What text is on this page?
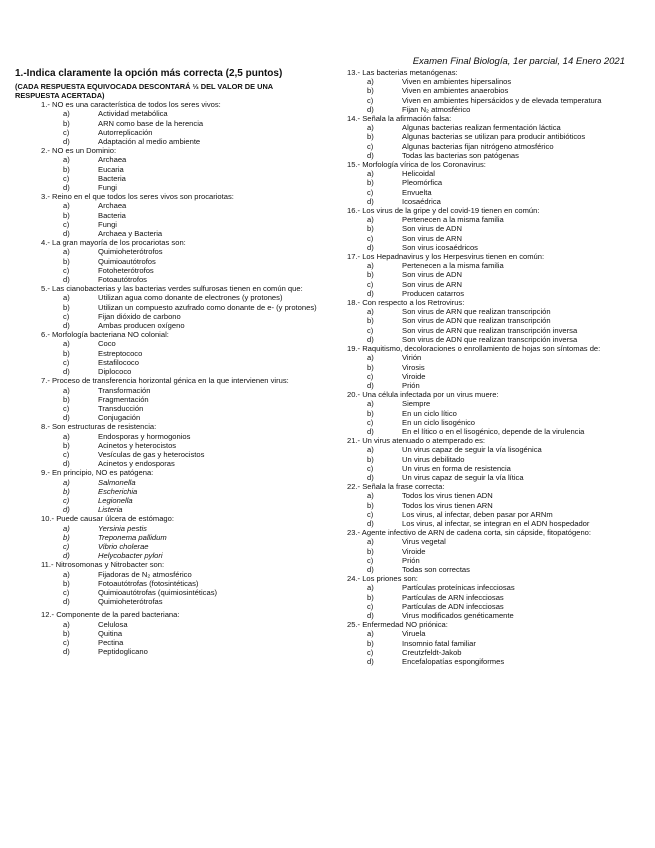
Examen Final Biología, 1er parcial, 14 Enero 2021
1.-Indica claramente la opción más correcta (2,5 puntos)
(CADA RESPUESTA EQUIVOCADA DESCONTARÁ ⅓ DEL VALOR DE UNA RESPUESTA ACERTADA)
1.- NO es una característica de todos los seres vivos:
a)	Actividad metabólica
b)	ARN como base de la herencia
c)	Autorreplicación
d)	Adaptación al medio ambiente
2.- NO es un Dominio:
a)	Archaea
b)	Eucaria
c)	Bacteria
d)	Fungi
3.- Reino en el que todos los seres vivos son procariotas:
a)	Archaea
b)	Bacteria
c)	Fungi
d)	Archaea y Bacteria
4.- La gran mayoría de los procariotas son:
a)	Quimioheterótrofos
b)	Quimioautótrofos
c)	Fotoheterótrofos
d)	Fotoautótrofos
5.- Las cianobacterias y las bacterias verdes sulfurosas tienen en común que:
a)	Utilizan agua como donante de electrones (y protones)
b)	Utilizan un compuesto azufrado como donante de e- (y protones)
c)	Fijan dióxido de carbono
d)	Ambas producen oxígeno
6.- Morfología bacteriana NO colonial:
a)	Coco
b)	Estreptococo
c)	Estafilococo
d)	Diplococo
7.- Proceso de transferencia horizontal génica en la que intervienen virus:
a)	Transformación
b)	Fragmentación
c)	Transducción
d)	Conjugación
8.- Son estructuras de resistencia:
a)	Endosporas y hormogonios
b)	Acinetos y heterocistos
c)	Vesículas de gas y heterocistos
d)	Acinetos y endosporas
9.- En principio, NO es patógena:
a)	Salmonella
b)	Escherichia
c)	Legionella
d)	Listeria
10.- Puede causar úlcera de estómago:
a)	Yersinia pestis
b)	Treponema pallidum
c)	Vibrio cholerae
d)	Helycobacter pylori
11.- Nitrosomonas y Nitrobacter son:
a)	Fijadoras de N₂ atmosférico
b)	Fotoautótrofas (fotosintéticas)
c)	Quimioautótrofas (quimiosintéticas)
d)	Quimioheterótrofas
12.- Componente de la pared bacteriana:
a)	Celulosa
b)	Quitina
c)	Pectina
d)	Peptidoglicano
13.- Las bacterias metanógenas:
a)	Viven en ambientes hipersalinos
b)	Viven en ambientes anaerobios
c)	Viven en ambientes hipersácidos y de elevada temperatura
d)	Fijan N₂ atmosférico
14.- Señala la afirmación falsa:
a)	Algunas bacterias realizan fermentación láctica
b)	Algunas bacterias se utilizan para producir antibióticos
c)	Algunas bacterias fijan nitrógeno atmosférico
d)	Todas las bacterias son patógenas
15.- Morfología vírica de los Coronavirus:
a)	Helicoidal
b)	Pleomórfica
c)	Envuelta
d)	Icosaédrica
16.- Los virus de la gripe y del covid-19 tienen en común:
a)	Pertenecen a la misma familia
b)	Son virus de ADN
c)	Son virus de ARN
d)	Son virus icosaédricos
17.- Los Hepadnavirus y los Herpesvirus tienen en común:
a)	Pertenecen a la misma familia
b)	Son virus de ADN
c)	Son virus de ARN
d)	Producen catarros
18.- Con respecto a los Retrovirus:
a)	Son virus de ARN que realizan transcripción
b)	Son virus de ADN que realizan transcripción
c)	Son virus de ARN que realizan transcripción inversa
d)	Son virus de ADN que realizan transcripción inversa
19.- Raquitismo, decoloraciones o enrollamiento de hojas son síntomas de:
a)	Virión
b)	Virosis
c)	Viroide
d)	Prión
20.- Una célula infectada por un virus muere:
a)	Siempre
b)	En un ciclo lítico
c)	En un ciclo lisogénico
d)	En el lítico o en el lisogénico, depende de la virulencia
21.- Un virus atenuado o atemperado es:
a)	Un virus capaz de seguir la vía lisogénica
b)	Un virus debilitado
c)	Un virus en forma de resistencia
d)	Un virus capaz de seguir la vía lítica
22.- Señala la frase correcta:
a)	Todos los virus tienen ADN
b)	Todos los virus tienen ARN
c)	Los virus, al infectar, deben pasar por ARNm
d)	Los virus, al infectar, se integran en el ADN hospedador
23.- Agente infectivo de ARN de cadena corta, sin cápside, fitopatógeno:
a)	Virus vegetal
b)	Viroide
c)	Prión
d)	Todas son correctas
24.- Los priones son:
a)	Partículas proteínicas infecciosas
b)	Partículas de ARN infecciosas
c)	Partículas de ADN infecciosas
d)	Virus modificados genéticamente
25.- Enfermedad NO priónica:
a)	Viruela
b)	Insomnio fatal familiar
c)	Creutzfeldt-Jakob
d)	Encefalopatías espongiformes
